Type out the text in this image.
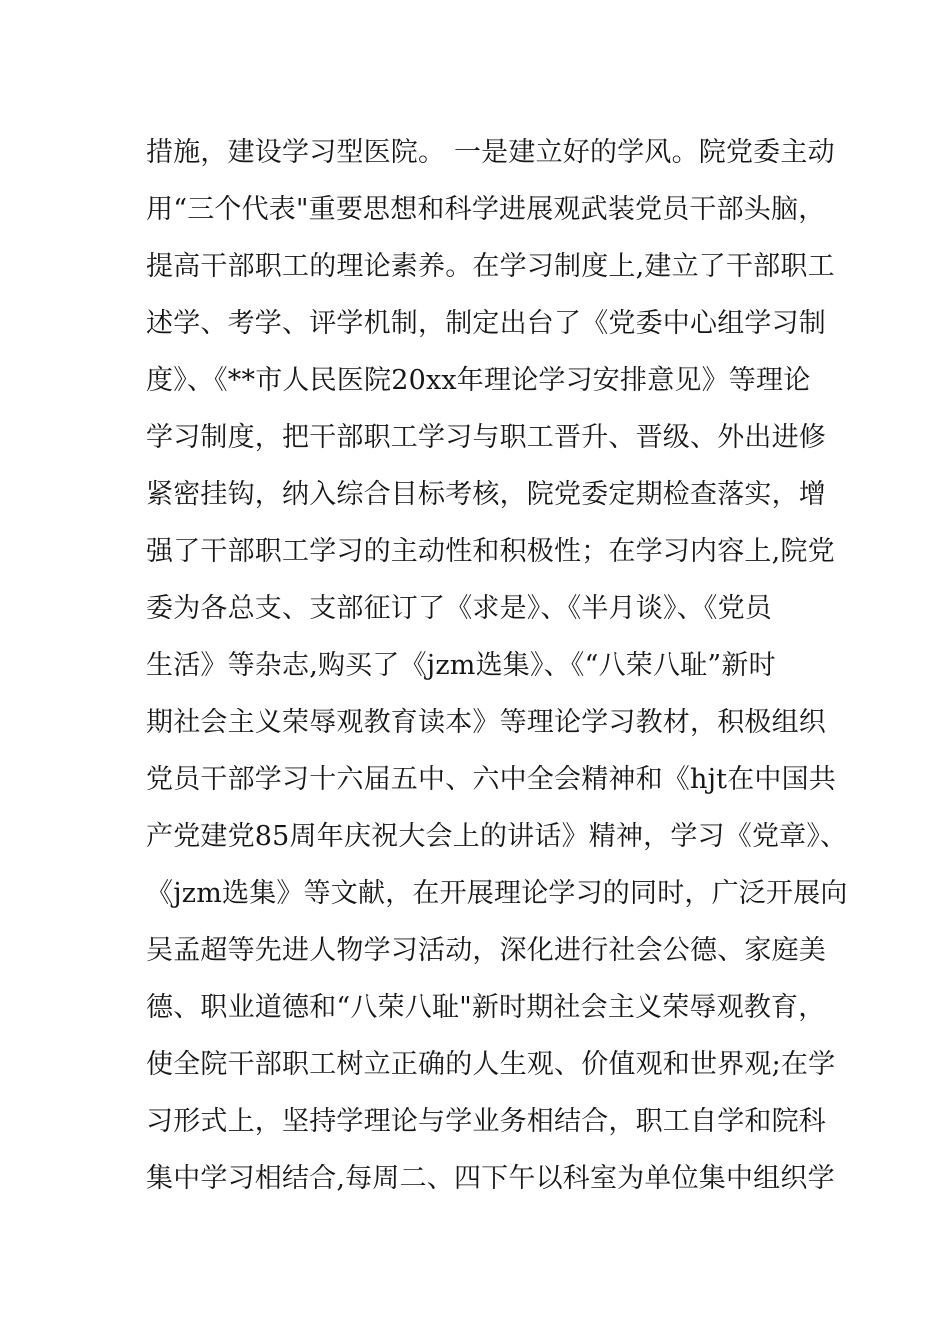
措施，建设学习型医院。 一是建立好的学风。院党委主动
用“三个代表"重要思想和科学进展观武装党员干部头脑，
提高干部职工的理论素养。在学习制度上,建立了干部职工
述学、考学、评学机制，制定出台了《党委中心组学习制
度》、《**市人民医院20xx年理论学习安排意见》等理论
学习制度，把干部职工学习与职工晋升、晋级、外出进修
紧密挂钩，纳入综合目标考核，院党委定期检查落实，增
强了干部职工学习的主动性和积极性；在学习内容上,院党
委为各总支、支部征订了《求是》、《半月谈》、《党员
生活》等杂志,购买了《jzm选集》、《“八荣八耻”新时
期社会主义荣辱观教育读本》等理论学习教材，积极组织
党员干部学习十六届五中、六中全会精神和《hjt在中国共
产党建党85周年庆祝大会上的讲话》精神，学习《党章》、
《jzm选集》等文献，在开展理论学习的同时，广泛开展向
吴孟超等先进人物学习活动，深化进行社会公德、家庭美
德、职业道德和“八荣八耻"新时期社会主义荣辱观教育，
使全院干部职工树立正确的人生观、价值观和世界观;在学
习形式上，坚持学理论与学业务相结合，职工自学和院科
集中学习相结合,每周二、四下午以科室为单位集中组织学
